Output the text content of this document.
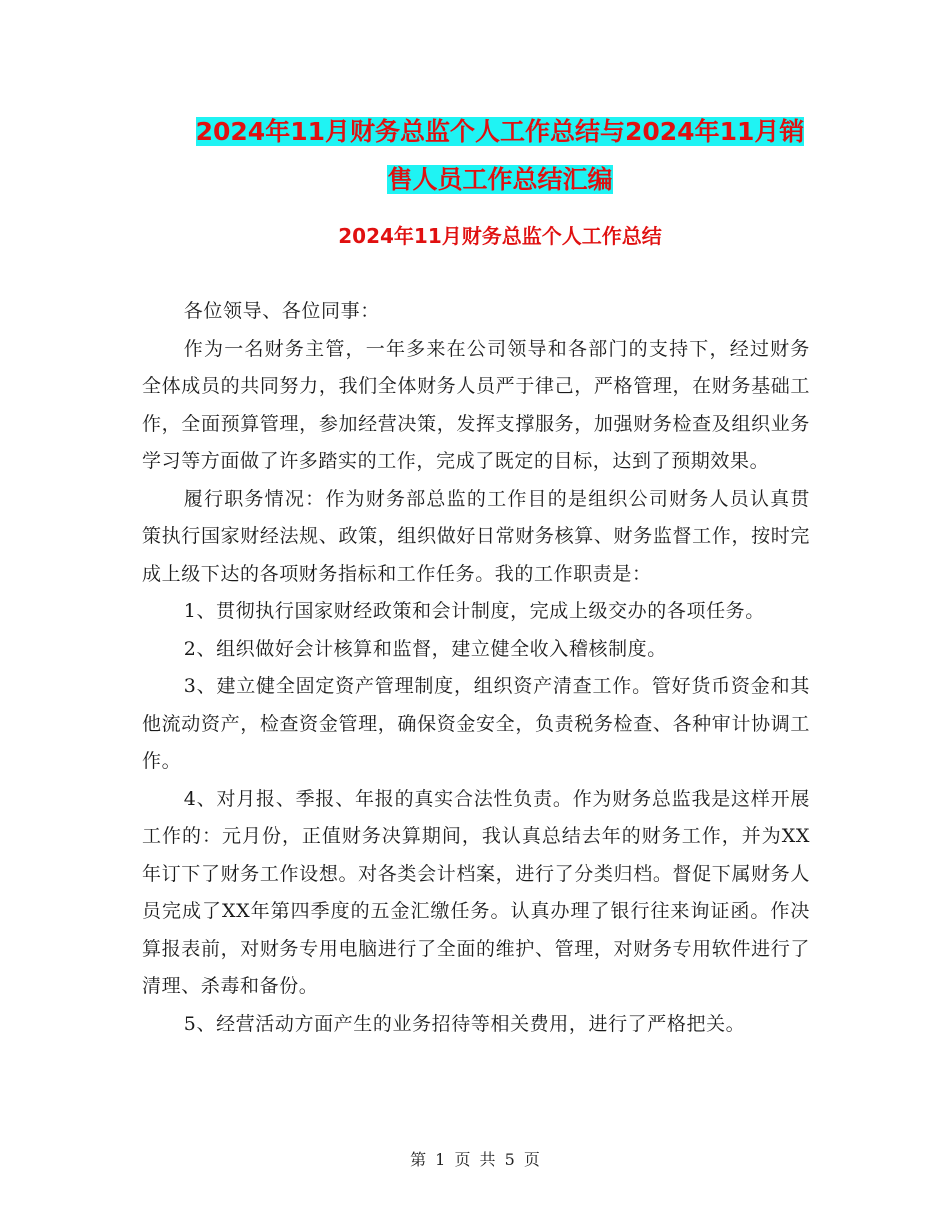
2024年11月财务总监个人工作总结与2024年11月销
售人员工作总结汇编
2024年11月财务总监个人工作总结

各位领导、各位同事：

作为一名财务主管，一年多来在公司领导和各部门的支持下，经过财务全体成员的共同努力，我们全体财务人员严于律己，严格管理，在财务基础工作，全面预算管理，参加经营决策，发挥支撑服务，加强财务检查及组织业务学习等方面做了许多踏实的工作，完成了既定的目标，达到了预期效果。

履行职务情况：作为财务部总监的工作目的是组织公司财务人员认真贯策执行国家财经法规、政策，组织做好日常财务核算、财务监督工作，按时完成上级下达的各项财务指标和工作任务。我的工作职责是：

1、贯彻执行国家财经政策和会计制度，完成上级交办的各项任务。

2、组织做好会计核算和监督，建立健全收入稽核制度。

3、建立健全固定资产管理制度，组织资产清查工作。管好货币资金和其他流动资产，检查资金管理，确保资金安全，负责税务检查、各种审计协调工作。

4、对月报、季报、年报的真实合法性负责。作为财务总监我是这样开展工作的：元月份，正值财务决算期间，我认真总结去年的财务工作，并为XX年订下了财务工作设想。对各类会计档案，进行了分类归档。督促下属财务人员完成了XX年第四季度的五金汇缴任务。认真办理了银行往来询证函。作决算报表前，对财务专用电脑进行了全面的维护、管理，对财务专用软件进行了清理、杀毒和备份。

5、经营活动方面产生的业务招待等相关费用，进行了严格把关。

第 1 页 共 5 页
